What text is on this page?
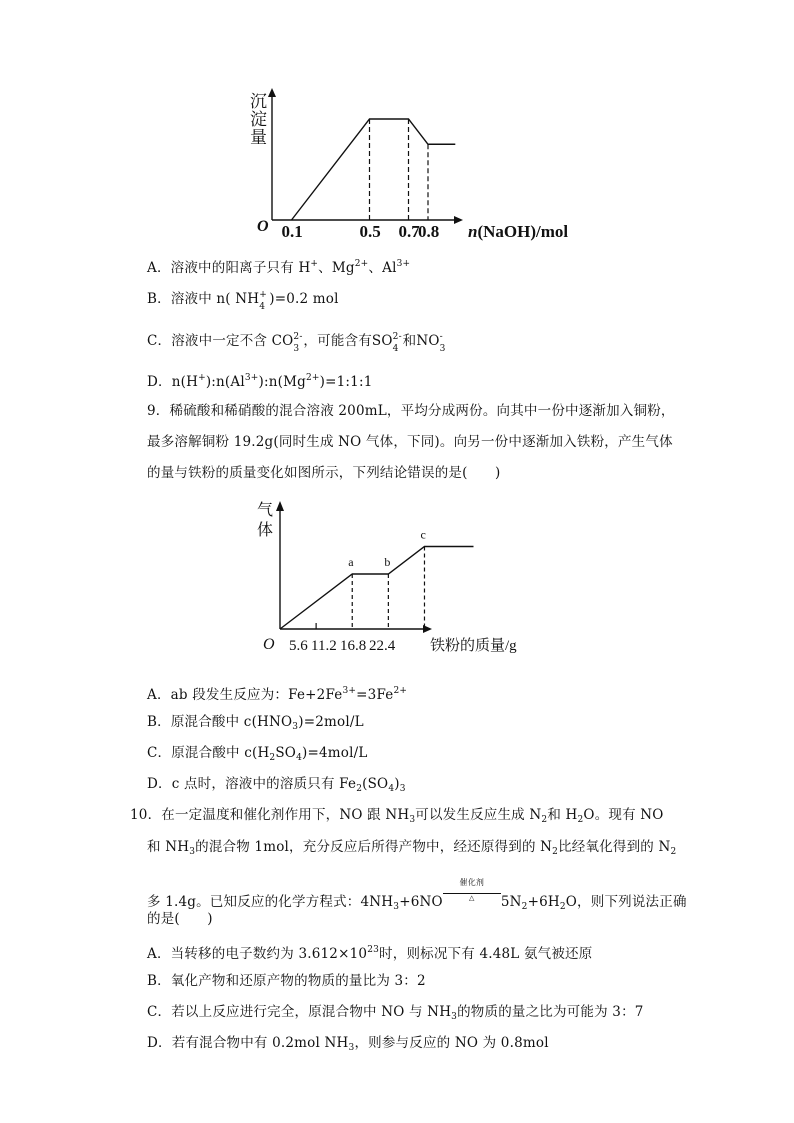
沉
淀
量
O 0.1	0.5 0.7
0.8 n(NaOH)/mol
A．溶液中的阳离子只有 H+、$Mg^{2+}$、$Al^{3+}$
B．溶液中 n( NH +
4 )=0.2 mol
C．溶液中一定不含 CO 2-
3 ，可能含有SO 2-
4 和NO -
3
D．$n(H^+):n(Al^{3+}):n(Mg^{2+})=1:1:1$
9．稀硫酸和稀硝酸的混合溶液 200mL，平均分成两份。向其中一份中逐渐加入铜粉，
最多溶解铜粉 19.2g(同时生成 NO 气体，下同)。向另一份中逐渐加入铁粉，产生气体
的量与铁粉的质量变化如图所示，下列结论错误的是(　　)
气
体
O
a	b
c
5.6 11.2 16.8 22.4 铁粉的质量/g
A．ab 段发生反应为：$Fe+2Fe^{3+}=3Fe^{2+}$
B．原混合酸中 $c(HNO_3)=2mol/L$
C．原混合酸中 $c(H_2SO_4)=4mol/L$
D．c 点时，溶液中的溶质只有 $Fe_2(SO_4)_3$
10．在一定温度和催化剂作用下，NO 跟 $NH_3$可以发生反应生成 $N_2$和 $H_2O$。现有 NO
和 $NH_3$的混合物 1mol，充分反应后所得产物中，经还原得到的 $N_2$比经氧化得到的 $N_2$
多 1.4g。已知反应的化学方程式：$4NH_3+6NO$催化剂
△	$5N_2+6H_2O$，则下列说法正确
的是(　　)
A．当转移的电子数约为 $3.612\times 10^{23}$时，则标况下有 4.48L 氨气被还原
B．氧化产物和还原产物的物质的量比为 3：2
C．若以上反应进行完全，原混合物中 NO 与 $NH_3$的物质的量之比为可能为 3：7
D．若有混合物中有 0.2mol $NH_3$，则参与反应的 NO 为 0.8mol
